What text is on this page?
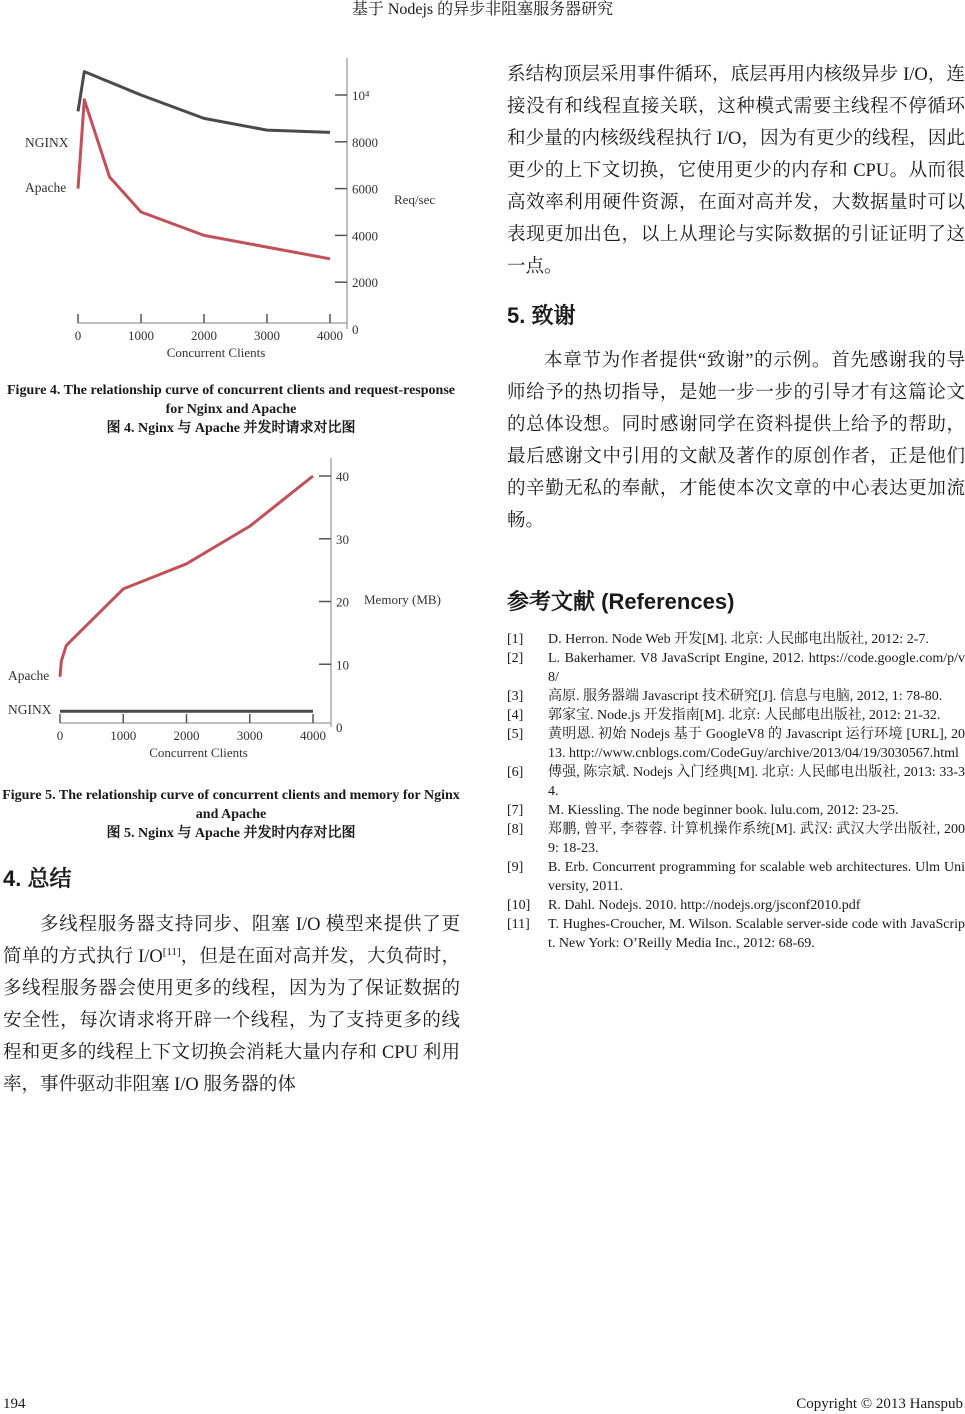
基于 Nodejs 的异步非阻塞服务器研究
0
2000
4000
6000
8000
10⁴
Req/sec
0	1000	2000	3000	4000
Concurrent Clients
NGINX
Apache
Figure 4. The relationship curve of concurrent clients and request-response for Nginx and Apache
图 4. Nginx 与 Apache 并发时请求对比图
0
10
20
30
40
Memory (MB)
0	1000	2000	3000	4000
Concurrent Clients
Apache
NGINX
Figure 5. The relationship curve of concurrent clients and memory for Nginx and Apache
图 5. Nginx 与 Apache 并发时内存对比图
4. 总结
多线程服务器支持同步、阻塞 I/O 模型来提供了更简单的方式执行 I/O[11]，但是在面对高并发，大负荷时，多线程服务器会使用更多的线程，因为为了保证数据的安全性，每次请求将开辟一个线程，为了支持更多的线程和更多的线程上下文切换会消耗大量内存和 CPU 利用率，事件驱动非阻塞 I/O 服务器的体
系结构顶层采用事件循环，底层再用内核级异步 I/O，连接没有和线程直接关联，这种模式需要主线程不停循环和少量的内核级线程执行 I/O，因为有更少的线程，因此更少的上下文切换，它使用更少的内存和 CPU。从而很高效率利用硬件资源，在面对高并发，大数据量时可以表现更加出色，以上从理论与实际数据的引证证明了这一点。
5. 致谢
本章节为作者提供“致谢”的示例。首先感谢我的导师给予的热切指导，是她一步一步的引导才有这篇论文的总体设想。同时感谢同学在资料提供上给予的帮助，最后感谢文中引用的文献及著作的原创作者，正是他们的辛勤无私的奉献，才能使本次文章的中心表达更加流畅。
参考文献 (References)
[1]	D. Herron. Node Web 开发[M]. 北京: 人民邮电出版社, 2012: 2-7.
[2]	L. Bakerhamer. V8 JavaScript Engine, 2012. https://code.google.com/p/v8/
[3]	高原. 服务器端 Javascript 技术研究[J]. 信息与电脑, 2012, 1: 78-80.
[4]	郭家宝. Node.js 开发指南[M]. 北京: 人民邮电出版社, 2012: 21-32.
[5]	黄明恩. 初始 Nodejs 基于 GoogleV8 的 Javascript 运行环境 [URL], 2013. http://www.cnblogs.com/CodeGuy/archive/2013/04/19/3030567.html
[6]	傅强, 陈宗斌. Nodejs 入门经典[M]. 北京: 人民邮电出版社, 2013: 33-34.
[7]	M. Kiessling. The node beginner book. lulu.com, 2012: 23-25.
[8]	郑鹏, 曾平, 李蓉蓉. 计算机操作系统[M]. 武汉: 武汉大学出版社, 2009: 18-23.
[9]	B. Erb. Concurrent programming for scalable web architectures. Ulm University, 2011.
[10]	R. Dahl. Nodejs. 2010. http://nodejs.org/jsconf2010.pdf
[11]	T. Hughes-Croucher, M. Wilson. Scalable server-side code with JavaScript. New York: O’Reilly Media Inc., 2012: 68-69.
194	Copyright © 2013 Hanspub
